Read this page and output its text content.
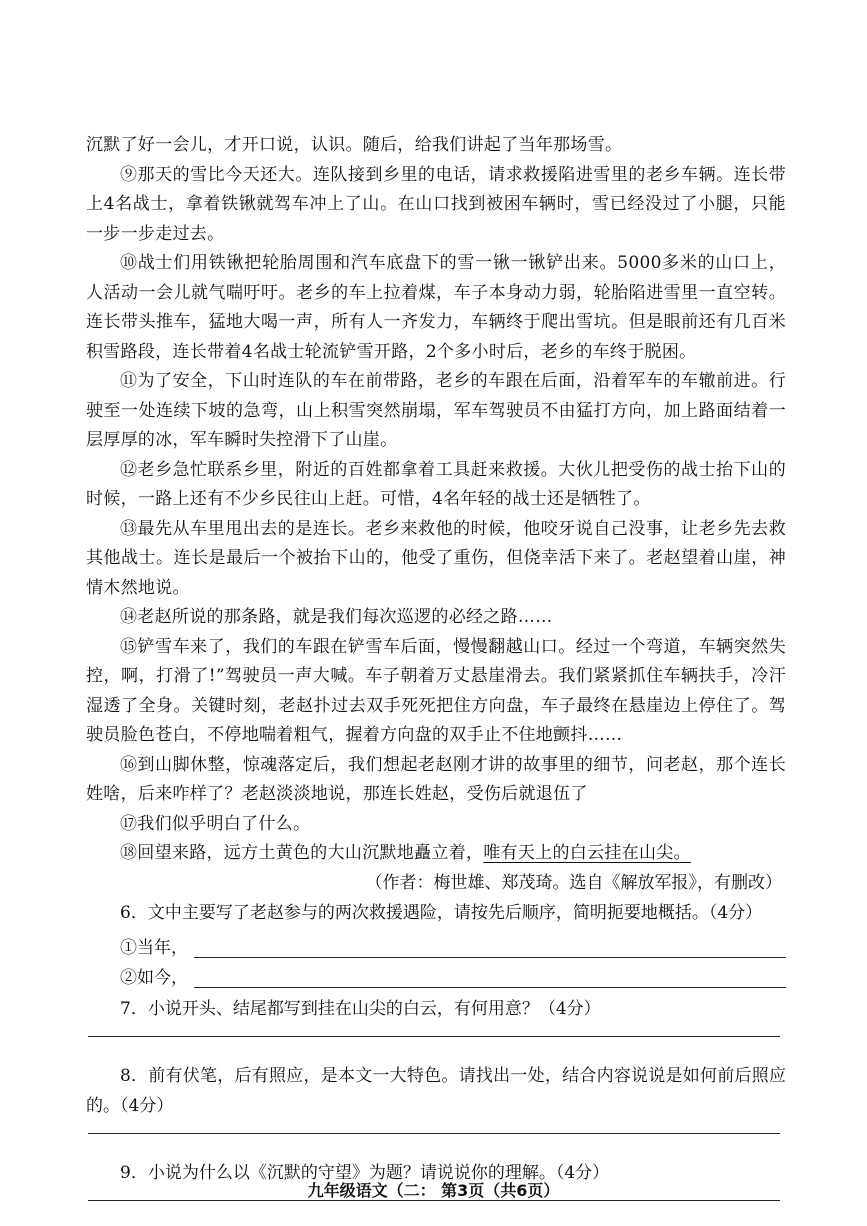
沉默了好一会儿，才开口说，认识。随后，给我们讲起了当年那场雪。

⑨那天的雪比今天还大。连队接到乡里的电话，请求救援陷进雪里的老乡车辆。连长带上4名战士，拿着铁锹就驾车冲上了山。在山口找到被困车辆时，雪已经没过了小腿，只能一步一步走过去。

⑩战士们用铁锹把轮胎周围和汽车底盘下的雪一锹一锹铲出来。5000多米的山口上，人活动一会儿就气喘吁吁。老乡的车上拉着煤，车子本身动力弱，轮胎陷进雪里一直空转。连长带头推车，猛地大喝一声，所有人一齐发力，车辆终于爬出雪坑。但是眼前还有几百米积雪路段，连长带着4名战士轮流铲雪开路，2个多小时后，老乡的车终于脱困。

⑪为了安全，下山时连队的车在前带路，老乡的车跟在后面，沿着军车的车辙前进。行驶至一处连续下坡的急弯，山上积雪突然崩塌，军车驾驶员不由猛打方向，加上路面结着一层厚厚的冰，军车瞬时失控滑下了山崖。

⑫老乡急忙联系乡里，附近的百姓都拿着工具赶来救援。大伙儿把受伤的战士抬下山的时候，一路上还有不少乡民往山上赶。可惜，4名年轻的战士还是牺牲了。

⑬最先从车里甩出去的是连长。老乡来救他的时候，他咬牙说自己没事，让老乡先去救其他战士。连长是最后一个被抬下山的，他受了重伤，但侥幸活下来了。老赵望着山崖，神情木然地说。

⑭老赵所说的那条路，就是我们每次巡逻的必经之路……

⑮铲雪车来了，我们的车跟在铲雪车后面，慢慢翻越山口。经过一个弯道，车辆突然失控，啊，打滑了!”驾驶员一声大喊。车子朝着万丈悬崖滑去。我们紧紧抓住车辆扶手，冷汗湿透了全身。关键时刻，老赵扑过去双手死死把住方向盘，车子最终在悬崖边上停住了。驾驶员脸色苍白，不停地喘着粗气，握着方向盘的双手止不住地颤抖……

⑯到山脚休整，惊魂落定后，我们想起老赵刚才讲的故事里的细节，问老赵，那个连长姓啥，后来咋样了？老赵淡淡地说，那连长姓赵，受伤后就退伍了

⑰我们似乎明白了什么。

⑱回望来路，远方土黄色的大山沉默地矗立着，唯有天上的白云挂在山尖。

（作者：梅世雄、郑茂琦。选自《解放军报》，有删改）

6．文中主要写了老赵参与的两次救援遇险，请按先后顺序，简明扼要地概括。（4分）

①当年，
②如今，

7．小说开头、结尾都写到挂在山尖的白云，有何用意？（4分）

8．前有伏笔，后有照应，是本文一大特色。请找出一处，结合内容说说是如何前后照应的。（4分）

9．小说为什么以《沉默的守望》为题？请说说你的理解。（4分）

九年级语文（二： 第3页（共6页）
